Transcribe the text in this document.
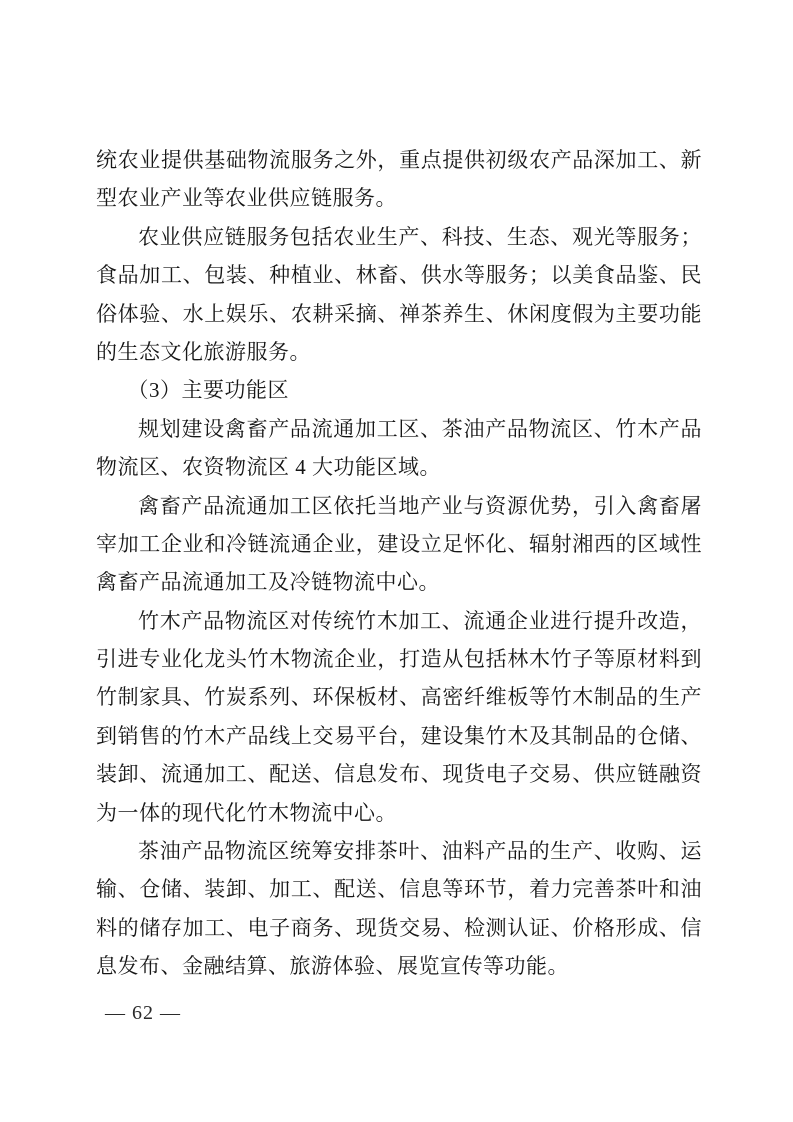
统农业提供基础物流服务之外，重点提供初级农产品深加工、新
型农业产业等农业供应链服务。
农业供应链服务包括农业生产、科技、生态、观光等服务；
食品加工、包装、种植业、林畜、供水等服务；以美食品鉴、民
俗体验、水上娱乐、农耕采摘、禅茶养生、休闲度假为主要功能
的生态文化旅游服务。
（3）主要功能区
规划建设禽畜产品流通加工区、茶油产品物流区、竹木产品
物流区、农资物流区 4 大功能区域。
禽畜产品流通加工区依托当地产业与资源优势，引入禽畜屠
宰加工企业和冷链流通企业，建设立足怀化、辐射湘西的区域性
禽畜产品流通加工及冷链物流中心。
竹木产品物流区对传统竹木加工、流通企业进行提升改造，
引进专业化龙头竹木物流企业，打造从包括林木竹子等原材料到
竹制家具、竹炭系列、环保板材、高密纤维板等竹木制品的生产
到销售的竹木产品线上交易平台，建设集竹木及其制品的仓储、
装卸、流通加工、配送、信息发布、现货电子交易、供应链融资
为一体的现代化竹木物流中心。
茶油产品物流区统筹安排茶叶、油料产品的生产、收购、运
输、仓储、装卸、加工、配送、信息等环节，着力完善茶叶和油
料的储存加工、电子商务、现货交易、检测认证、价格形成、信
息发布、金融结算、旅游体验、展览宣传等功能。
— 62 —
